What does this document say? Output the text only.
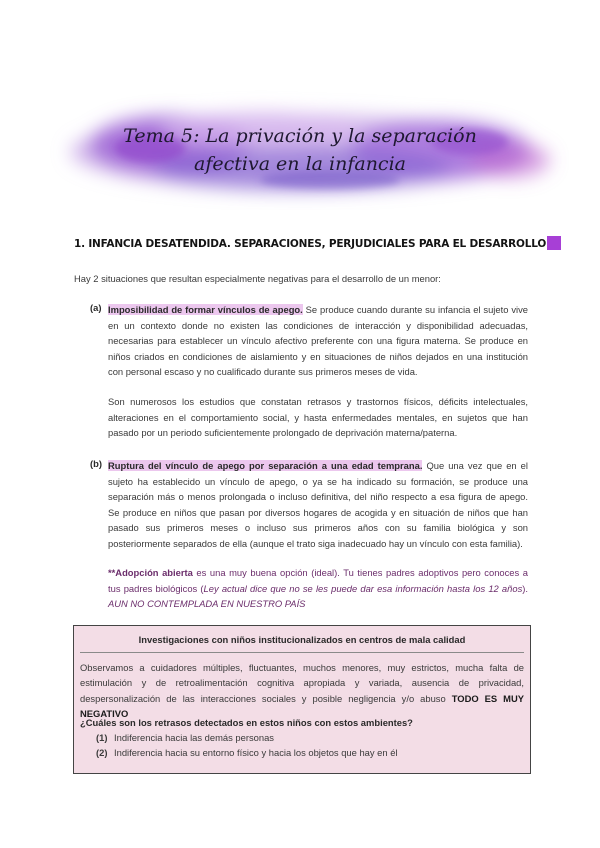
Tema 5: La privación y la separación
afectiva en la infancia
1. INFANCIA DESATENDIDA. SEPARACIONES, PERJUDICIALES PARA EL DESARROLLO
Hay 2 situaciones que resultan especialmente negativas para el desarrollo de un menor:
(a) Imposibilidad de formar vínculos de apego. Se produce cuando durante su infancia el sujeto vive en un contexto donde no existen las condiciones de interacción y disponibilidad adecuadas, necesarias para establecer un vínculo afectivo preferente con una figura materna. Se produce en niños criados en condiciones de aislamiento y en situaciones de niños dejados en una institución con personal escaso y no cualificado durante sus primeros meses de vida.
Son numerosos los estudios que constatan retrasos y trastornos físicos, déficits intelectuales, alteraciones en el comportamiento social, y hasta enfermedades mentales, en sujetos que han pasado por un periodo suficientemente prolongado de deprivación materna/paterna.
(b) Ruptura del vínculo de apego por separación a una edad temprana. Que una vez que en el sujeto ha establecido un vínculo de apego, o ya se ha indicado su formación, se produce una separación más o menos prolongada o incluso definitiva, del niño respecto a esa figura de apego. Se produce en niños que pasan por diversos hogares de acogida y en situación de niños que han pasado sus primeros meses o incluso sus primeros años con su familia biológica y son posteriormente separados de ella (aunque el trato siga inadecuado hay un vínculo con esta familia).
**Adopción abierta es una muy buena opción (ideal). Tu tienes padres adoptivos pero conoces a tus padres biológicos (Ley actual dice que no se les puede dar esa información hasta los 12 años). AUN NO CONTEMPLADA EN NUESTRO PAÍS
Investigaciones con niños institucionalizados en centros de mala calidad
Observamos a cuidadores múltiples, fluctuantes, muchos menores, muy estrictos, mucha falta de estimulación y de retroalimentación cognitiva apropiada y variada, ausencia de privacidad, despersonalización de las interacciones sociales y posible negligencia y/o abuso TODO ES MUY NEGATIVO
¿Cuáles son los retrasos detectados en estos niños con estos ambientes?
(1) Indiferencia hacia las demás personas
(2) Indiferencia hacia su entorno físico y hacia los objetos que hay en él
